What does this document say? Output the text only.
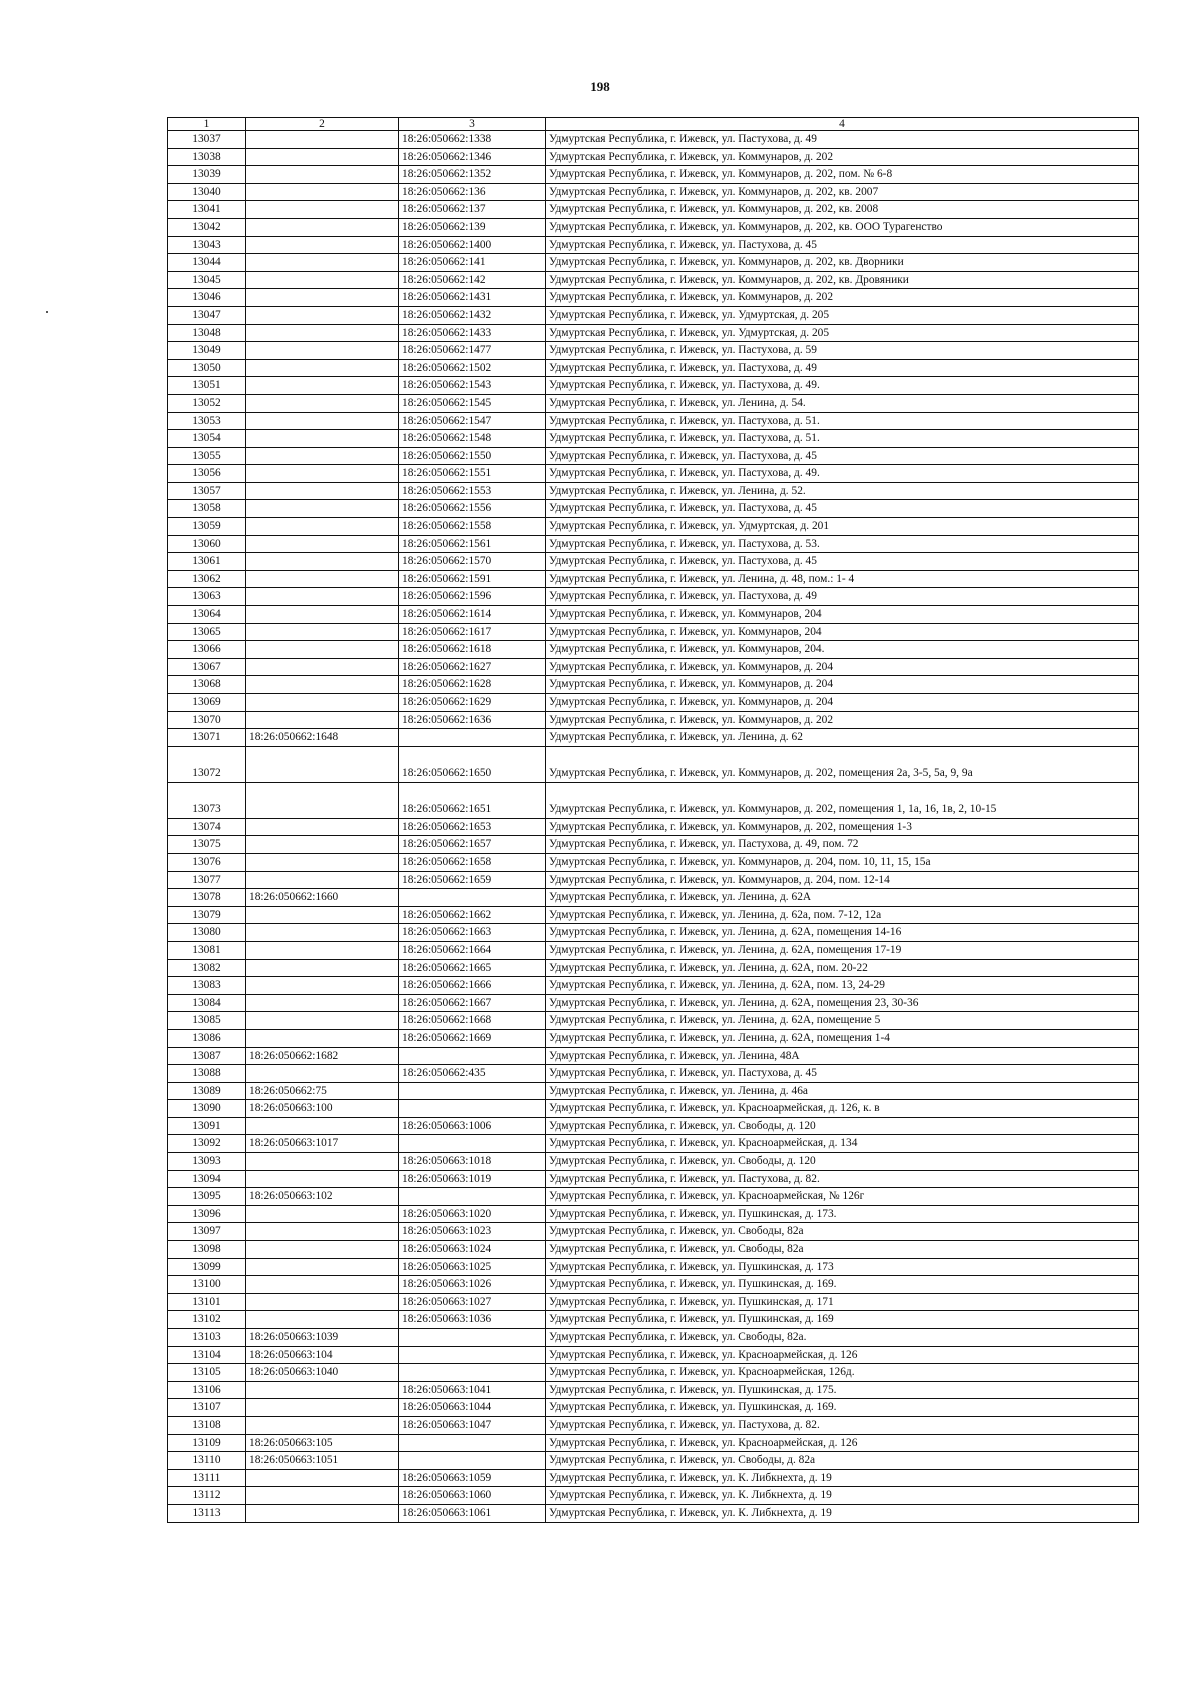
198
1	2	3	4
13037		18:26:050662:1338	Удмуртская Республика, г. Ижевск, ул. Пастухова, д. 49
13038		18:26:050662:1346	Удмуртская Республика, г. Ижевск, ул. Коммунаров, д. 202
13039		18:26:050662:1352	Удмуртская Республика, г. Ижевск, ул. Коммунаров, д. 202, пом. № 6-8
13040		18:26:050662:136	Удмуртская Республика, г. Ижевск, ул. Коммунаров, д. 202, кв. 2007
13041		18:26:050662:137	Удмуртская Республика, г. Ижевск, ул. Коммунаров, д. 202, кв. 2008
13042		18:26:050662:139	Удмуртская Республика, г. Ижевск, ул. Коммунаров, д. 202, кв. ООО Турагенство
13043		18:26:050662:1400	Удмуртская Республика, г. Ижевск, ул. Пастухова, д. 45
13044		18:26:050662:141	Удмуртская Республика, г. Ижевск, ул. Коммунаров, д. 202, кв. Дворники
13045		18:26:050662:142	Удмуртская Республика, г. Ижевск, ул. Коммунаров, д. 202, кв. Дровяники
13046		18:26:050662:1431	Удмуртская Республика, г. Ижевск, ул. Коммунаров, д. 202
13047		18:26:050662:1432	Удмуртская Республика, г. Ижевск, ул. Удмуртская, д. 205
13048		18:26:050662:1433	Удмуртская Республика, г. Ижевск, ул. Удмуртская, д. 205
13049		18:26:050662:1477	Удмуртская Республика, г. Ижевск, ул. Пастухова, д. 59
13050		18:26:050662:1502	Удмуртская Республика, г. Ижевск, ул. Пастухова, д. 49
13051		18:26:050662:1543	Удмуртская Республика, г. Ижевск, ул. Пастухова, д. 49.
13052		18:26:050662:1545	Удмуртская Республика, г. Ижевск, ул. Ленина, д. 54.
13053		18:26:050662:1547	Удмуртская Республика, г. Ижевск, ул. Пастухова, д. 51.
13054		18:26:050662:1548	Удмуртская Республика, г. Ижевск, ул. Пастухова, д. 51.
13055		18:26:050662:1550	Удмуртская Республика, г. Ижевск, ул. Пастухова, д. 45
13056		18:26:050662:1551	Удмуртская Республика, г. Ижевск, ул. Пастухова, д. 49.
13057		18:26:050662:1553	Удмуртская Республика, г. Ижевск, ул. Ленина, д. 52.
13058		18:26:050662:1556	Удмуртская Республика, г. Ижевск, ул. Пастухова, д. 45
13059		18:26:050662:1558	Удмуртская Республика, г. Ижевск, ул. Удмуртская, д. 201
13060		18:26:050662:1561	Удмуртская Республика, г. Ижевск, ул. Пастухова, д. 53.
13061		18:26:050662:1570	Удмуртская Республика, г. Ижевск, ул. Пастухова, д. 45
13062		18:26:050662:1591	Удмуртская Республика, г. Ижевск, ул. Ленина, д. 48, пом.: 1- 4
13063		18:26:050662:1596	Удмуртская Республика, г. Ижевск, ул. Пастухова, д. 49
13064		18:26:050662:1614	Удмуртская Республика, г. Ижевск, ул. Коммунаров, 204
13065		18:26:050662:1617	Удмуртская Республика, г. Ижевск, ул. Коммунаров, 204
13066		18:26:050662:1618	Удмуртская Республика, г. Ижевск, ул. Коммунаров, 204.
13067		18:26:050662:1627	Удмуртская Республика, г. Ижевск, ул. Коммунаров, д. 204
13068		18:26:050662:1628	Удмуртская Республика, г. Ижевск, ул. Коммунаров, д. 204
13069		18:26:050662:1629	Удмуртская Республика, г. Ижевск, ул. Коммунаров, д. 204
13070		18:26:050662:1636	Удмуртская Республика, г. Ижевск, ул. Коммунаров, д. 202
13071	18:26:050662:1648		Удмуртская Республика, г. Ижевск, ул. Ленина, д. 62
13072		18:26:050662:1650	Удмуртская Республика, г. Ижевск, ул. Коммунаров, д. 202, помещения 2а, 3-5, 5а, 9, 9а
13073		18:26:050662:1651	Удмуртская Республика, г. Ижевск, ул. Коммунаров, д. 202, помещения 1, 1а, 16, 1в, 2, 10-15
13074		18:26:050662:1653	Удмуртская Республика, г. Ижевск, ул. Коммунаров, д. 202, помещения 1-3
13075		18:26:050662:1657	Удмуртская Республика, г. Ижевск, ул. Пастухова, д. 49, пом. 72
13076		18:26:050662:1658	Удмуртская Республика, г. Ижевск, ул. Коммунаров, д. 204, пом. 10, 11, 15, 15а
13077		18:26:050662:1659	Удмуртская Республика, г. Ижевск, ул. Коммунаров, д. 204, пом. 12-14
13078	18:26:050662:1660		Удмуртская Республика, г. Ижевск, ул. Ленина, д. 62А
13079		18:26:050662:1662	Удмуртская Республика, г. Ижевск, ул. Ленина, д. 62а, пом. 7-12, 12а
13080		18:26:050662:1663	Удмуртская Республика, г. Ижевск, ул. Ленина, д. 62А, помещения 14-16
13081		18:26:050662:1664	Удмуртская Республика, г. Ижевск, ул. Ленина, д. 62А, помещения 17-19
13082		18:26:050662:1665	Удмуртская Республика, г. Ижевск, ул. Ленина, д. 62А, пом. 20-22
13083		18:26:050662:1666	Удмуртская Республика, г. Ижевск, ул. Ленина, д. 62А, пом. 13, 24-29
13084		18:26:050662:1667	Удмуртская Республика, г. Ижевск, ул. Ленина, д. 62А, помещения 23, 30-36
13085		18:26:050662:1668	Удмуртская Республика, г. Ижевск, ул. Ленина, д. 62А, помещение 5
13086		18:26:050662:1669	Удмуртская Республика, г. Ижевск, ул. Ленина, д. 62А, помещения 1-4
13087	18:26:050662:1682		Удмуртская Республика, г. Ижевск, ул. Ленина, 48А
13088		18:26:050662:435	Удмуртская Республика, г. Ижевск, ул. Пастухова, д. 45
13089	18:26:050662:75		Удмуртская Республика, г. Ижевск, ул. Ленина, д. 46а
13090	18:26:050663:100		Удмуртская Республика, г. Ижевск, ул. Красноармейская, д. 126, к. в
13091		18:26:050663:1006	Удмуртская Республика, г. Ижевск, ул. Свободы, д. 120
13092	18:26:050663:1017		Удмуртская Республика, г. Ижевск, ул. Красноармейская, д. 134
13093		18:26:050663:1018	Удмуртская Республика, г. Ижевск, ул. Свободы, д. 120
13094		18:26:050663:1019	Удмуртская Республика, г. Ижевск, ул. Пастухова, д. 82.
13095	18:26:050663:102		Удмуртская Республика, г. Ижевск, ул. Красноармейская, № 126г
13096		18:26:050663:1020	Удмуртская Республика, г. Ижевск, ул. Пушкинская, д. 173.
13097		18:26:050663:1023	Удмуртская Республика, г. Ижевск, ул. Свободы, 82а
13098		18:26:050663:1024	Удмуртская Республика, г. Ижевск, ул. Свободы, 82а
13099		18:26:050663:1025	Удмуртская Республика, г. Ижевск, ул. Пушкинская, д. 173
13100		18:26:050663:1026	Удмуртская Республика, г. Ижевск, ул. Пушкинская, д. 169.
13101		18:26:050663:1027	Удмуртская Республика, г. Ижевск, ул. Пушкинская, д. 171
13102		18:26:050663:1036	Удмуртская Республика, г. Ижевск, ул. Пушкинская, д. 169
13103	18:26:050663:1039		Удмуртская Республика, г. Ижевск, ул. Свободы, 82а.
13104	18:26:050663:104		Удмуртская Республика, г. Ижевск, ул. Красноармейская, д. 126
13105	18:26:050663:1040		Удмуртская Республика, г. Ижевск, ул. Красноармейская, 126д.
13106		18:26:050663:1041	Удмуртская Республика, г. Ижевск, ул. Пушкинская, д. 175.
13107		18:26:050663:1044	Удмуртская Республика, г. Ижевск, ул. Пушкинская, д. 169.
13108		18:26:050663:1047	Удмуртская Республика, г. Ижевск, ул. Пастухова, д. 82.
13109	18:26:050663:105		Удмуртская Республика, г. Ижевск, ул. Красноармейская, д. 126
13110	18:26:050663:1051		Удмуртская Республика, г. Ижевск, ул. Свободы, д. 82а
13111		18:26:050663:1059	Удмуртская Республика, г. Ижевск, ул. К. Либкнехта, д. 19
13112		18:26:050663:1060	Удмуртская Республика, г. Ижевск, ул. К. Либкнехта, д. 19
13113		18:26:050663:1061	Удмуртская Республика, г. Ижевск, ул. К. Либкнехта, д. 19
